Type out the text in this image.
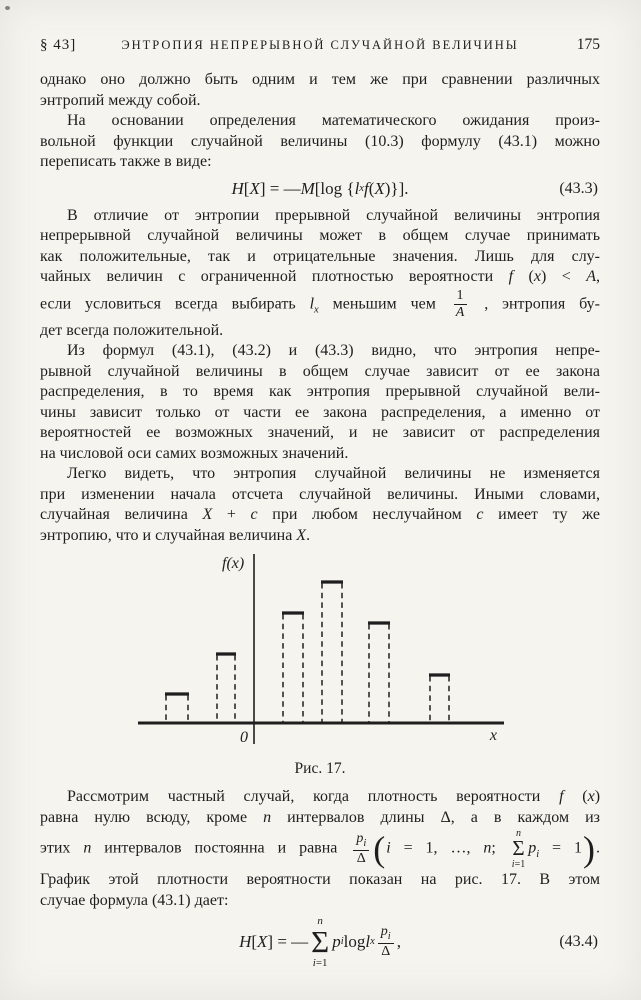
§ 43]	ЭНТРОПИЯ НЕПРЕРЫВНОЙ СЛУЧАЙНОЙ ВЕЛИЧИНЫ	175
однако оно должно быть одним и тем же при сравнении различных
энтропий между собой.
На основании определения математического ожидания произ-
вольной функции случайной величины (10.3) формулу (43.1) можно
переписать также в виде:
H [ X ] = — M [log { l x f ( X )}].	(43.3)
В отличие от энтропии прерывной случайной величины энтропия
непрерывной случайной величины может в общем случае принимать
как положительные, так и отрицательные значения. Лишь для слу-
чайных величин с ограниченной плотностью вероятности f (x) < A,
если условиться всегда выбирать $l_x$ меньшим чем $\frac{1}{A}$ , энтропия бу-
дет всегда положительной.
Из формул (43.1), (43.2) и (43.3) видно, что энтропия непре-
рывной случайной величины в общем случае зависит от ее закона
распределения, в то время как энтропия прерывной случайной вели-
чины зависит только от части ее закона распределения, а именно от
вероятностей ее возможных значений, и не зависит от распределения
на числовой оси самих возможных значений.
Легко видеть, что энтропия случайной величины не изменяется
при изменении начала отсчета случайной величины. Иными словами,
случайная величина X + c при любом неслучайном c имеет ту же
энтропию, что и случайная величина X.
f(x)
0	x
Рис. 17.
Рассмотрим частный случай, когда плотность вероятности f (x)
равна нулю всюду, кроме n интервалов длины Δ, а в каждом из
этих n интервалов постоянна и равна $\frac{p_i}{\Delta} (i = 1$, …, n;
n
Σ
i=1
$p_i = 1$).
График этой плотности вероятности показан на рис. 17. В этом
случае формула (43.1) дает:
H [ X ] = —
n
Σ
i=1
p i log l x $\frac{p_i}{\Delta}$ ,	(43.4)
